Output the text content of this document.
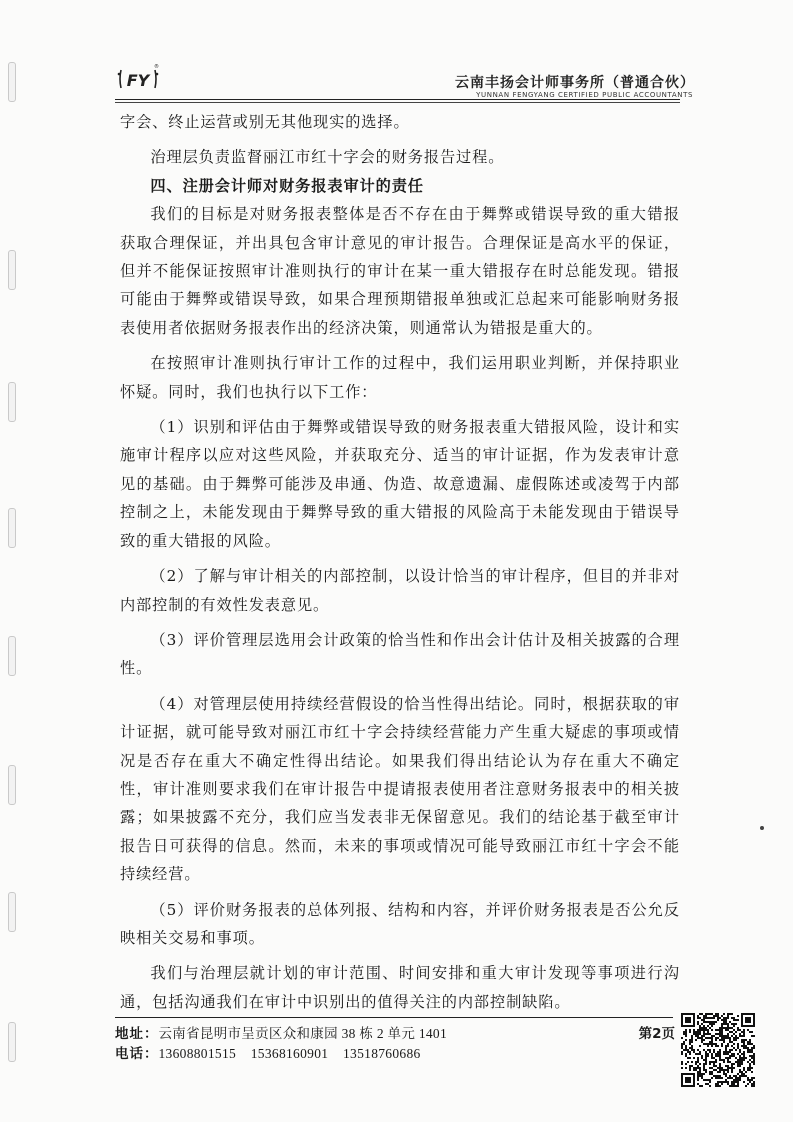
FY
®
云南丰扬会计师事务所（普通合伙）
YUNNAN FENGYANG CERTIFIED PUBLIC ACCOUNTANTS

字会、终止运营或别无其他现实的选择。

治理层负责监督丽江市红十字会的财务报告过程。

四、注册会计师对财务报表审计的责任

我们的目标是对财务报表整体是否不存在由于舞弊或错误导致的重大错报获取合理保证，并出具包含审计意见的审计报告。合理保证是高水平的保证，但并不能保证按照审计准则执行的审计在某一重大错报存在时总能发现。错报可能由于舞弊或错误导致，如果合理预期错报单独或汇总起来可能影响财务报表使用者依据财务报表作出的经济决策，则通常认为错报是重大的。

在按照审计准则执行审计工作的过程中，我们运用职业判断，并保持职业怀疑。同时，我们也执行以下工作：

（1）识别和评估由于舞弊或错误导致的财务报表重大错报风险，设计和实施审计程序以应对这些风险，并获取充分、适当的审计证据，作为发表审计意见的基础。由于舞弊可能涉及串通、伪造、故意遗漏、虚假陈述或凌驾于内部控制之上，未能发现由于舞弊导致的重大错报的风险高于未能发现由于错误导致的重大错报的风险。

（2）了解与审计相关的内部控制，以设计恰当的审计程序，但目的并非对内部控制的有效性发表意见。

（3）评价管理层选用会计政策的恰当性和作出会计估计及相关披露的合理性。

（4）对管理层使用持续经营假设的恰当性得出结论。同时，根据获取的审计证据，就可能导致对丽江市红十字会持续经营能力产生重大疑虑的事项或情况是否存在重大不确定性得出结论。如果我们得出结论认为存在重大不确定性，审计准则要求我们在审计报告中提请报表使用者注意财务报表中的相关披露；如果披露不充分，我们应当发表非无保留意见。我们的结论基于截至审计报告日可获得的信息。然而，未来的事项或情况可能导致丽江市红十字会不能持续经营。

（5）评价财务报表的总体列报、结构和内容，并评价财务报表是否公允反映相关交易和事项。

我们与治理层就计划的审计范围、时间安排和重大审计发现等事项进行沟通，包括沟通我们在审计中识别出的值得关注的内部控制缺陷。

地址：云南省昆明市呈贡区众和康园 38 栋 2 单元 1401
电话：13608801515    15368160901    13518760686
第2页
